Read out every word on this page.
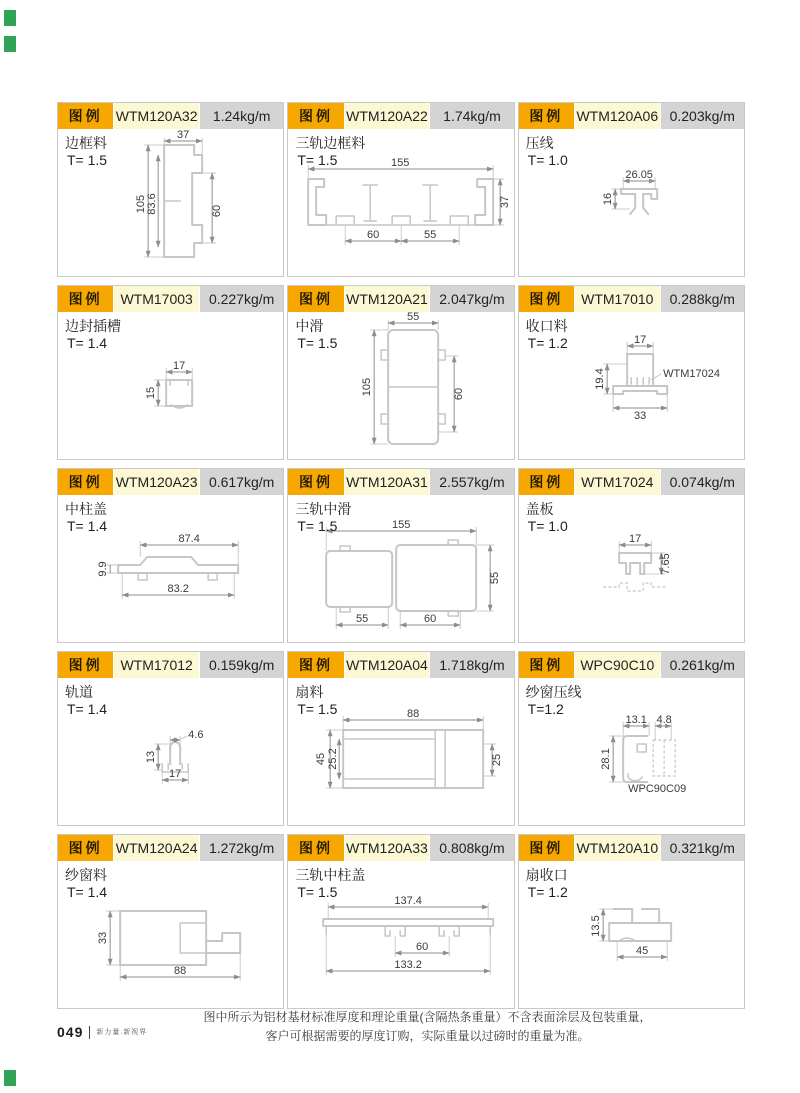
图例 WTM120A32	1.24kg/m
边框料
T= 1.5
37
105 83.6	60
图例 WTM120A22	1.74kg/m
三轨边框料
T= 1.5	155
37
60	55
图例 WTM120A06 0.203kg/m
压线
T= 1.0
26.05
16
图例	WTM17003	0.227kg/m
边封插槽
T= 1.4
17
15
图例 WTM120A21 2.047kg/m
中滑
T= 1.5
55
105	60
图例	WTM17010	0.288kg/m
收口料
T= 1.2
WTM17024
17
19.4
33
图例 WTM120A23 0.617kg/m
中柱盖
T= 1.4
87.4
9.9
83.2
图例 WTM120A31 2.557kg/m
三轨中滑
T= 1.5	155
55
55	60
图例	WTM17024	0.074kg/m
盖板
T= 1.0
17
7.65
图例	WTM17012	0.159kg/m
轨道
T= 1.4
4.6
13
17
图例 WTM120A04 1.718kg/m
扇料
T= 1.5	88
45 25.2	25
图例	WPC90C10	0.261kg/m
纱窗压线
T=1.2
WPC90C09
13.1 4.8
28.1
图例 WTM120A24 1.272kg/m
纱窗料
T= 1.4
33
88
图例 WTM120A33 0.808kg/m
三轨中柱盖
T= 1.5
137.4
60
133.2
图例 WTM120A10 0.321kg/m
扇收口
T= 1.2
13.5
45
图中所示为铝材基材标准厚度和理论重量(含隔热条重量）不含表面涂层及包装重量，
客户可根据需要的厚度订购，实际重量以过磅时的重量为准。
049 新力量.新视界
